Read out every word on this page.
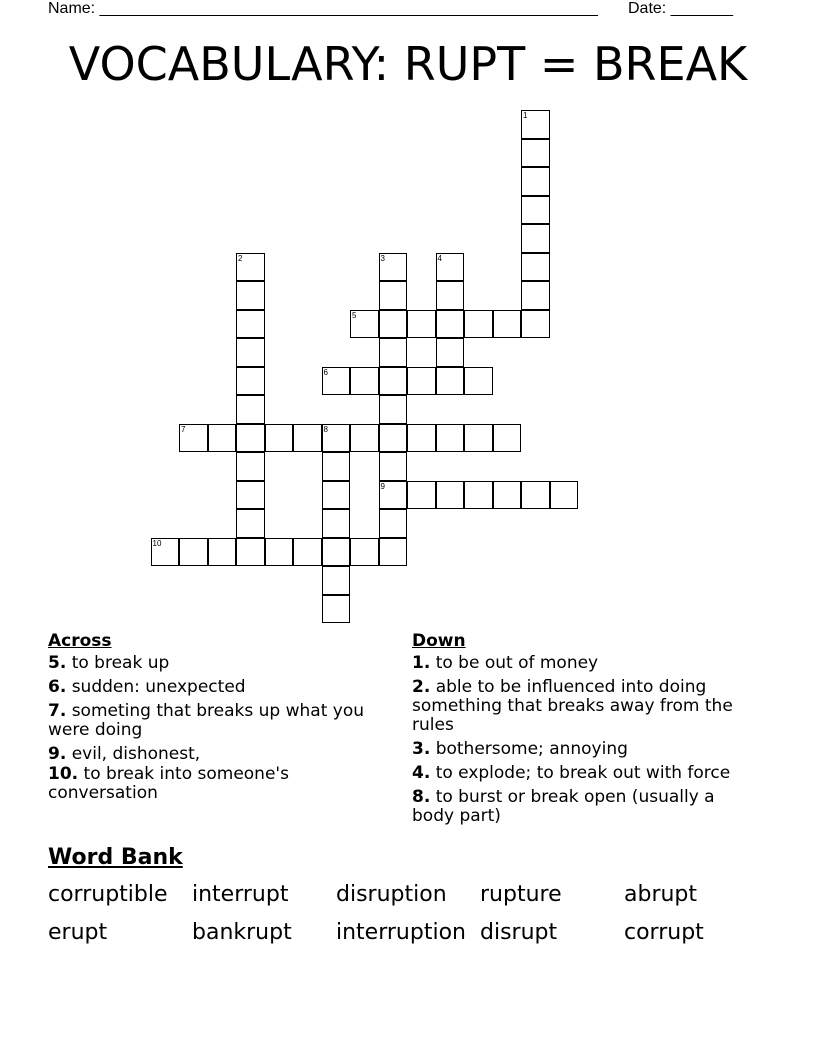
Name: ________________________________________________________ Date: _______
VOCABULARY: RUPT = BREAK
1
2	3	4
5
6
7	8
9
10
Across
5. to break up
6. sudden: unexpected
7. someting that breaks up what you were doing
9. evil, dishonest,
10. to break into someone's conversation
Down
1. to be out of money
2. able to be influenced into doing something that breaks away from the rules
3. bothersome; annoying
4. to explode; to break out with force
8. to burst or break open (usually a body part)
Word Bank
corruptible	interrupt	disruption	rupture	abrupt
erupt	bankrupt	interruption disrupt	corrupt
